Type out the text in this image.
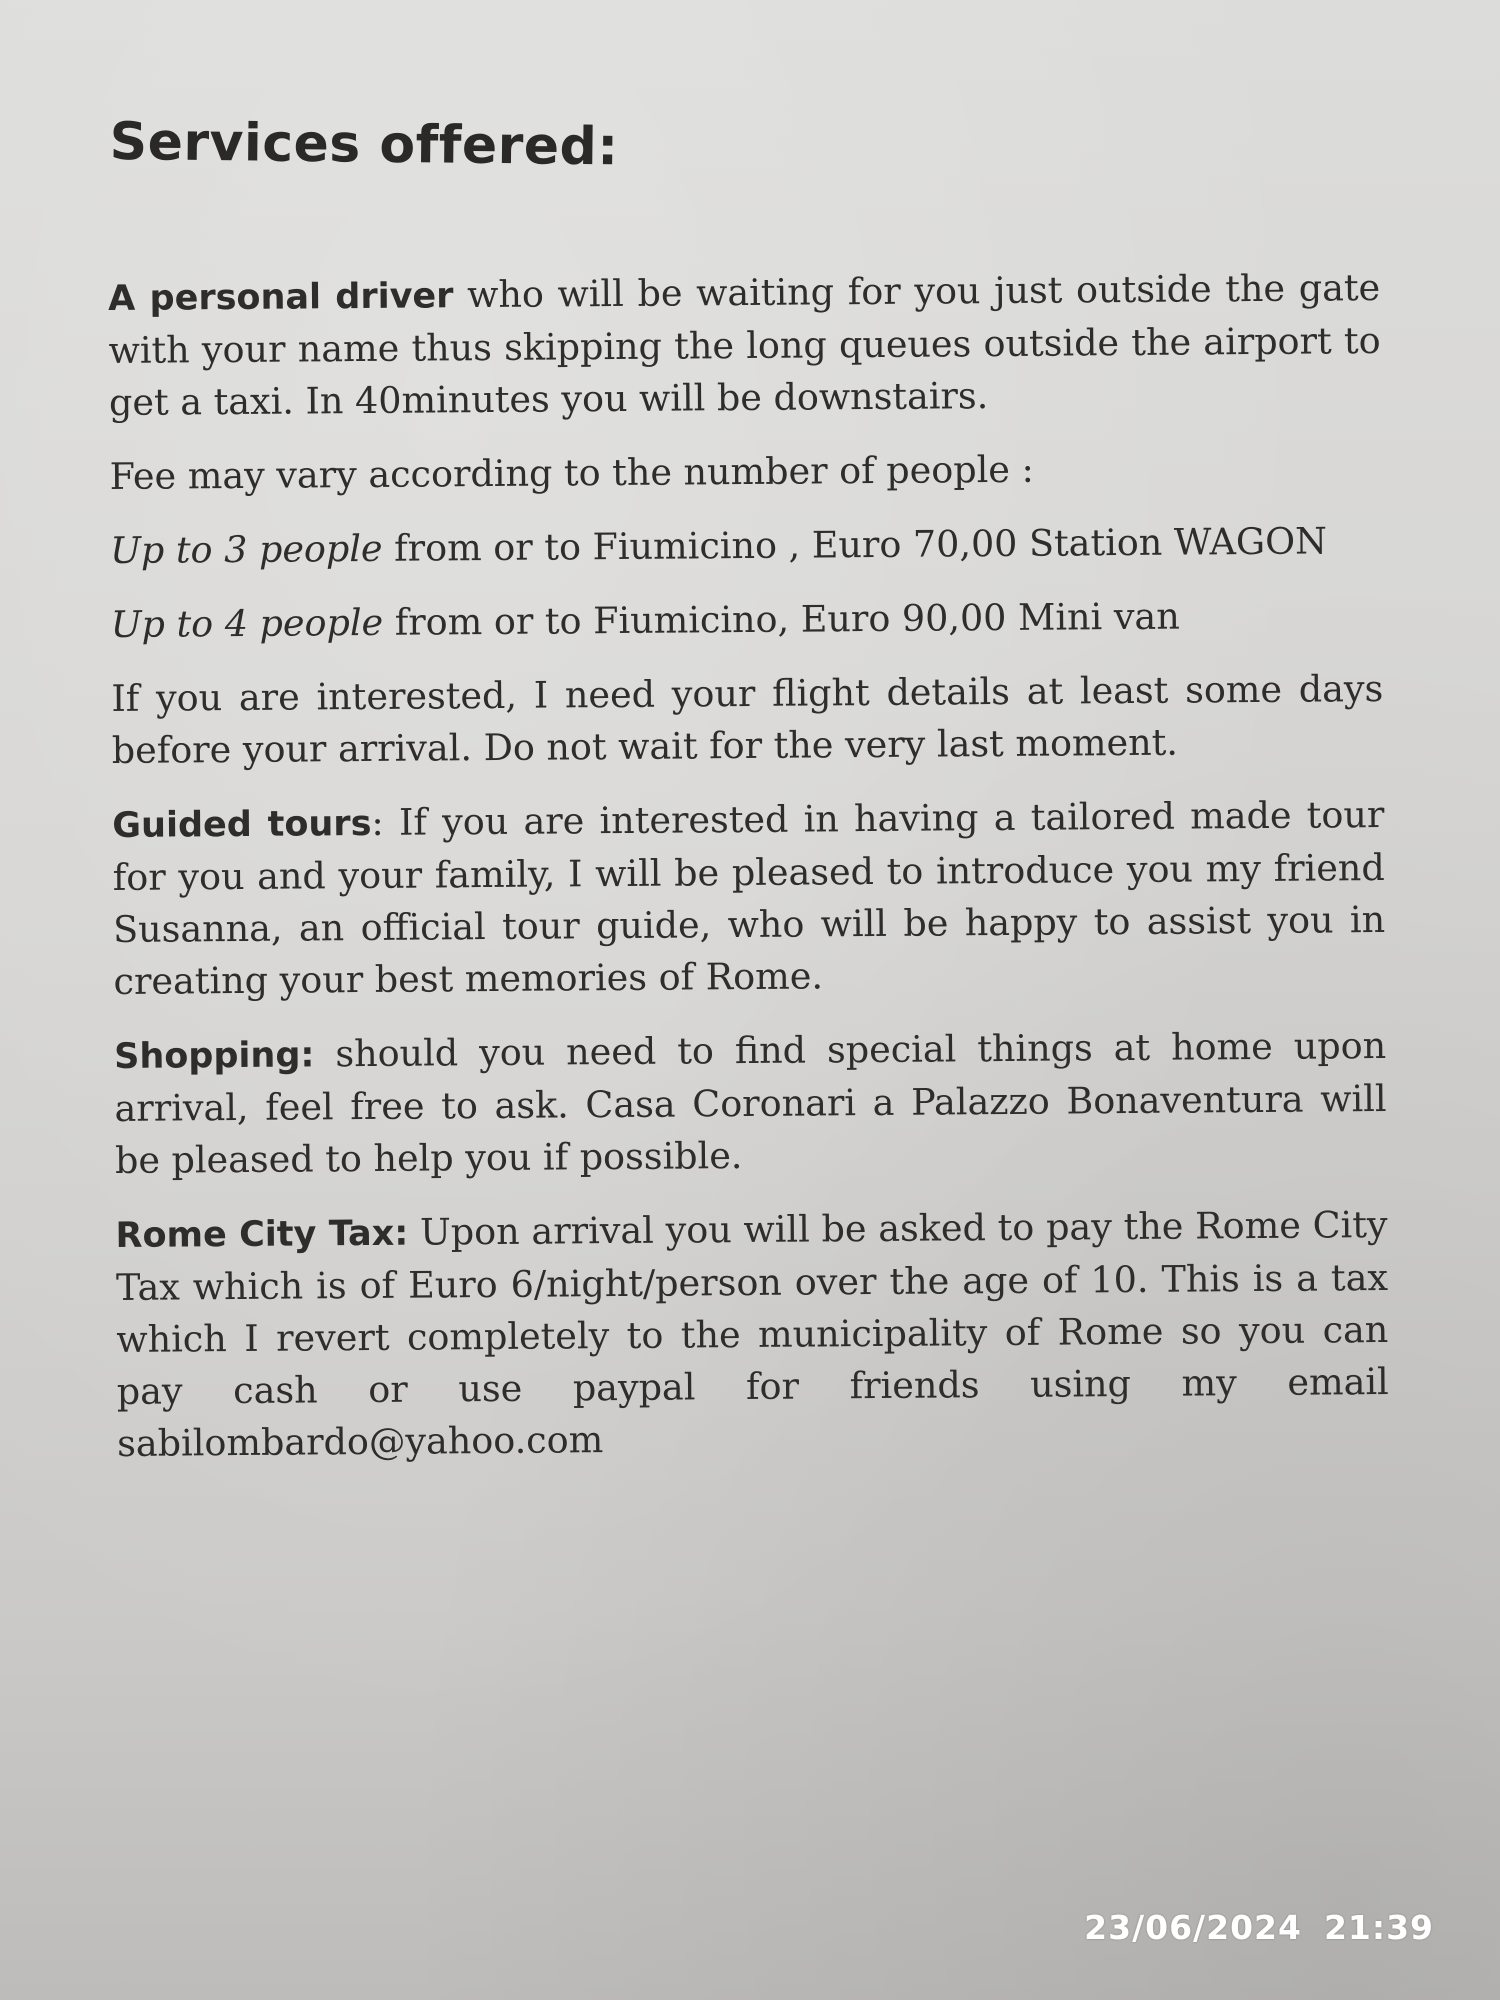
Services offered:

A personal driver who will be waiting for you just outside the gate with your name thus skipping the long queues outside the airport to get a taxi. In 40minutes you will be downstairs.

Fee may vary according to the number of people :

Up to 3 people from or to Fiumicino , Euro 70,00 Station WAGON

Up to 4 people from or to Fiumicino, Euro 90,00 Mini van

If you are interested, I need your flight details at least some days before your arrival. Do not wait for the very last moment.

Guided tours: If you are interested in having a tailored made tour for you and your family, I will be pleased to introduce you my friend Susanna, an official tour guide, who will be happy to assist you in creating your best memories of Rome.

Shopping: should you need to find special things at home upon arrival, feel free to ask. Casa Coronari a Palazzo Bonaventura will be pleased to help you if possible.

Rome City Tax: Upon arrival you will be asked to pay the Rome City Tax which is of Euro 6/night/person over the age of 10. This is a tax which I revert completely to the municipality of Rome so you can pay cash or use paypal for friends using my email sabilombardo@yahoo.com

23/06/2024 21:39
